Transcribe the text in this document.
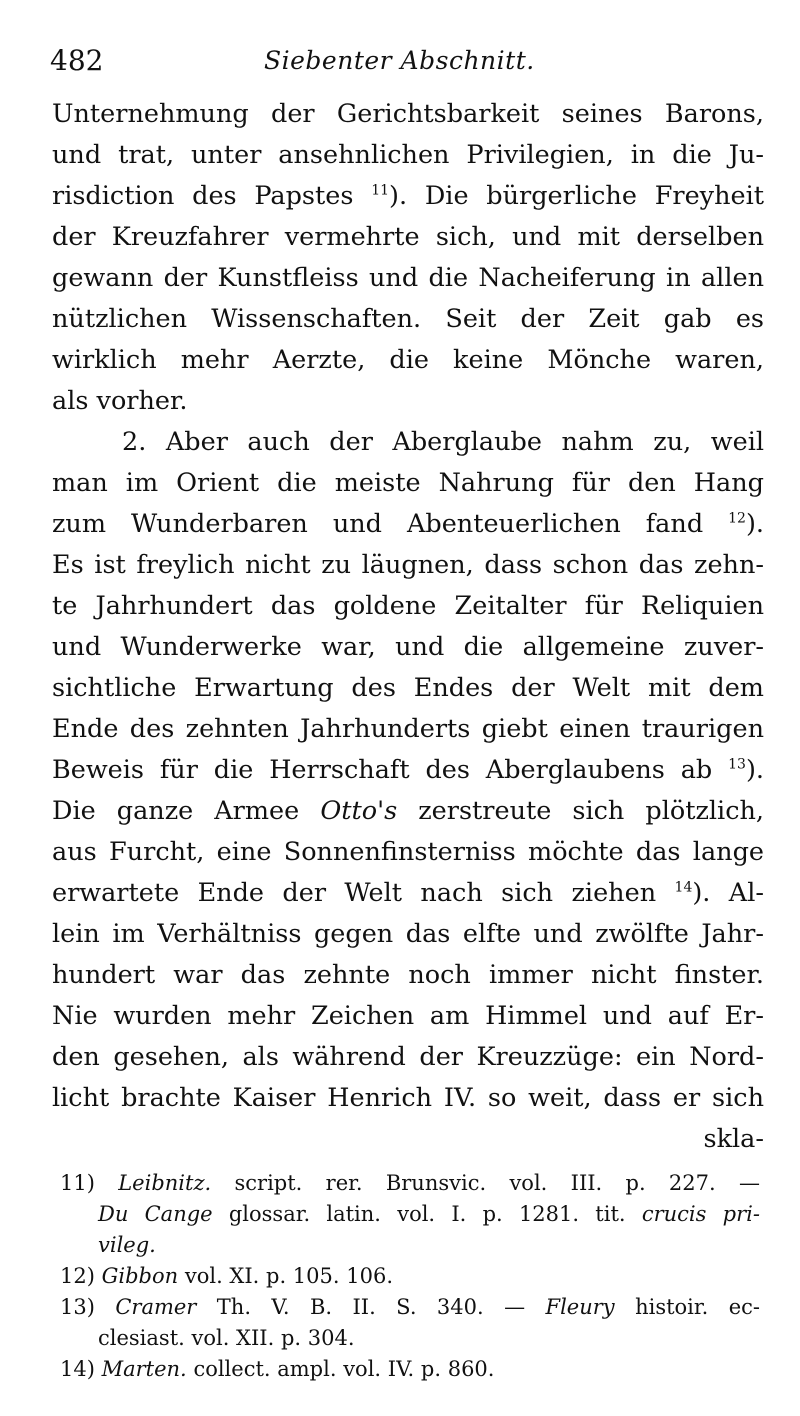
482	Siebenter Abschnitt.
Unternehmung der Gerichtsbarkeit seines Barons,
und trat, unter ansehnlichen Privilegien, in die Ju-
risdiction des Papstes $^{11}$). Die bürgerliche Freyheit
der Kreuzfahrer vermehrte sich, und mit derselben
gewann der Kunstfleiss und die Nacheiferung in allen
nützlichen Wissenschaften. Seit der Zeit gab es
wirklich mehr Aerzte, die keine Mönche waren,
als vorher.
2. Aber auch der Aberglaube nahm zu, weil
man im Orient die meiste Nahrung für den Hang
zum Wunderbaren und Abenteuerlichen fand $^{12}$).
Es ist freylich nicht zu läugnen, dass schon das zehn-
te Jahrhundert das goldene Zeitalter für Reliquien
und Wunderwerke war, und die allgemeine zuver-
sichtliche Erwartung des Endes der Welt mit dem
Ende des zehnten Jahrhunderts giebt einen traurigen
Beweis für die Herrschaft des Aberglaubens ab $^{13}$).
Die ganze Armee Otto's zerstreute sich plötzlich,
aus Furcht, eine Sonnenfinsterniss möchte das lange
erwartete Ende der Welt nach sich ziehen $^{14}$). Al-
lein im Verhältniss gegen das elfte und zwölfte Jahr-
hundert war das zehnte noch immer nicht finster.
Nie wurden mehr Zeichen am Himmel und auf Er-
den gesehen, als während der Kreuzzüge: ein Nord-
licht brachte Kaiser Henrich IV. so weit, dass er sich
skla-
11) Leibnitz. script. rer. Brunsvic. vol. III. p. 227. —
Du Cange glossar. latin. vol. I. p. 1281. tit. crucis pri-
vileg.
12) Gibbon vol. XI. p. 105. 106.
13) Cramer Th. V. B. II. S. 340. — Fleury histoir. ec-
clesiast. vol. XII. p. 304.
14) Marten. collect. ampl. vol. IV. p. 860.
